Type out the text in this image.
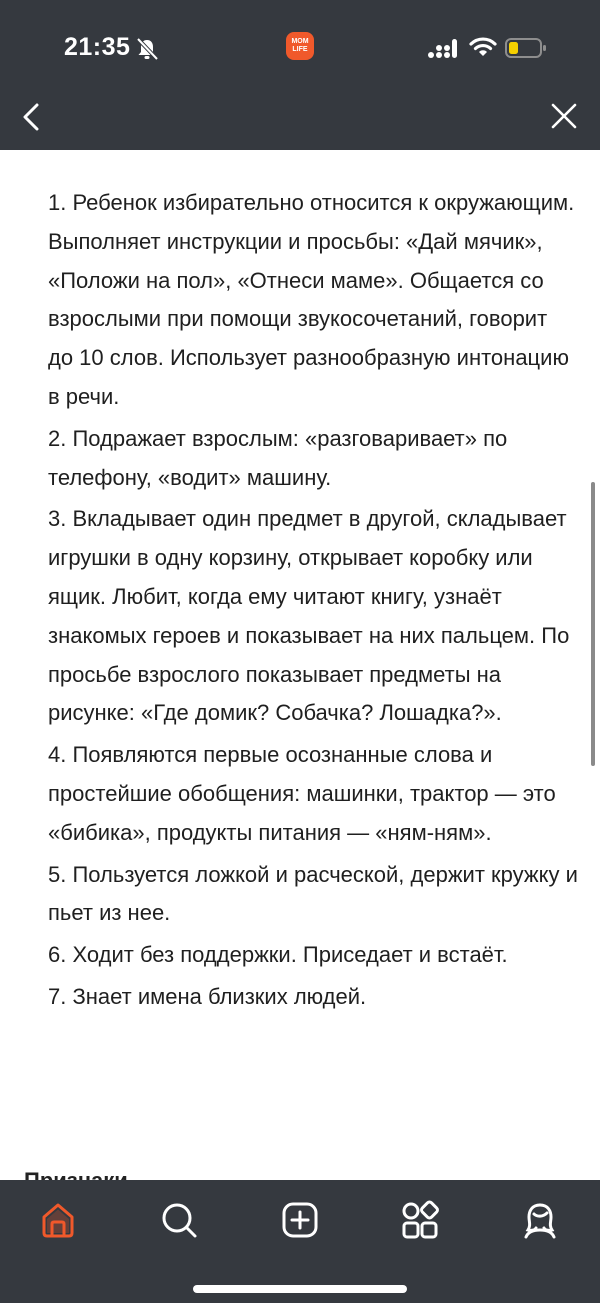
21:35	MOM
LIFE

1. Ребенок избирательно относится к окружающим. Выполняет инструкции и просьбы: «Дай мячик», «Положи на пол», «Отнеси маме». Общается со взрослыми при помощи звукосочетаний, говорит до 10 слов. Использует разнообразную интонацию в речи.

2. Подражает взрослым: «разговаривает» по телефону, «водит» машину.

3. Вкладывает один предмет в другой, складывает игрушки в одну корзину, открывает коробку или ящик. Любит, когда ему читают книгу, узнаёт знакомых героев и показывает на них пальцем. По просьбе взрослого показывает предметы на рисунке: «Где домик? Собачка? Лошадка?».

4. Появляются первые осознанные слова и простейшие обобщения: машинки, трактор — это «бибика», продукты питания — «ням-ням».

5. Пользуется ложкой и расческой, держит кружку и пьет из нее.

6. Ходит без поддержки. Приседает и встаёт.

7. Знает имена близких людей.
